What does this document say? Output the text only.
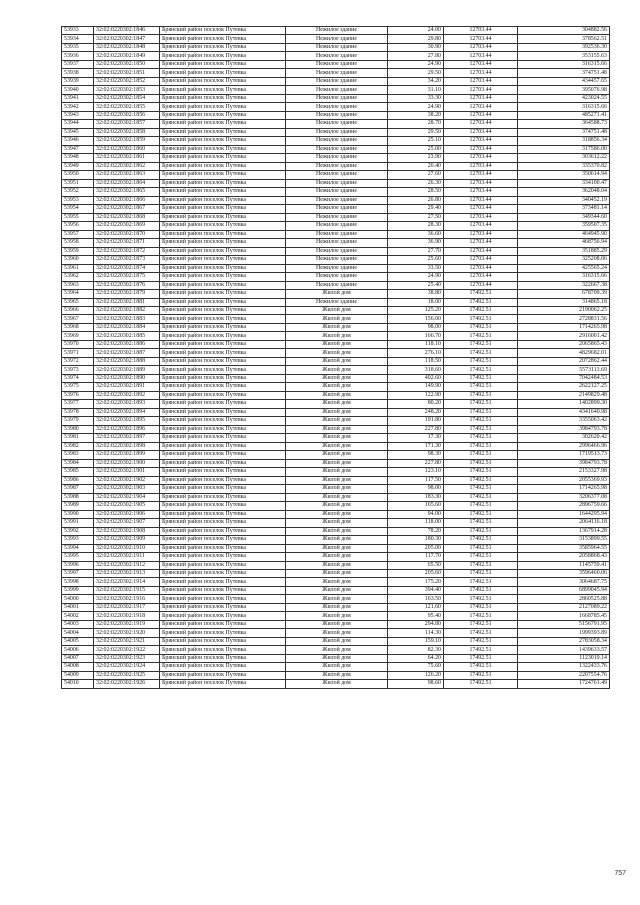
53933	32:02:0220302:1846	Брянский район поселок Путевка	Нежилое здание	24.00	12703.44	304882.56
53934	32:02:0220302:1847	Брянский район поселок Путевка	Нежилое здание	29.80	12703.44	378562.51
53935	32:02:0220302:1848	Брянский район поселок Путевка	Нежилое здание	30.90	12703.44	392536.30
53936	32:02:0220302:1849	Брянский район поселок Путевка	Нежилое здание	27.80	12703.44	353155.63
53937	32:02:0220302:1850	Брянский район поселок Путевка	Нежилое здание	24.90	12703.44	316315.66
53938	32:02:0220302:1851	Брянский район поселок Путевка	Нежилое здание	29.50	12703.44	374751.48
53939	32:02:0220302:1852	Брянский район поселок Путевка	Нежилое здание	34.20	12703.44	434457.65
53940	32:02:0220302:1853	Брянский район поселок Путевка	Нежилое здание	31.10	12703.44	395076.98
53941	32:02:0220302:1854	Брянский район поселок Путевка	Нежилое здание	33.30	12703.44	423024.55
53942	32:02:0220302:1855	Брянский район поселок Путевка	Нежилое здание	24.90	12703.44	316315.66
53943	32:02:0220302:1856	Брянский район поселок Путевка	Нежилое здание	38.20	12703.44	485271.41
53944	32:02:0220302:1857	Брянский район поселок Путевка	Нежилое здание	28.70	12703.44	364588.73
53945	32:02:0220302:1858	Брянский район поселок Путевка	Нежилое здание	29.50	12703.44	374751.48
53946	32:02:0220302:1859	Брянский район поселок Путевка	Нежилое здание	25.10	12703.44	318856.34
53947	32:02:0220302:1860	Брянский район поселок Путевка	Нежилое здание	25.00	12703.44	317586.00
53948	32:02:0220302:1861	Брянский район поселок Путевка	Нежилое здание	23.90	12703.44	303612.22
53949	32:02:0220302:1862	Брянский район поселок Путевка	Нежилое здание	26.40	12703.44	335370.82
53950	32:02:0220302:1863	Брянский район поселок Путевка	Нежилое здание	27.60	12703.44	350614.94
53951	32:02:0220302:1864	Брянский район поселок Путевка	Нежилое здание	26.30	12703.44	334100.47
53952	32:02:0220302:1865	Брянский район поселок Путевка	Нежилое здание	28.50	12703.44	362048.04
53953	32:02:0220302:1866	Брянский район поселок Путевка	Нежилое здание	26.80	12703.44	340452.19
53954	32:02:0220302:1867	Брянский район поселок Путевка	Нежилое здание	29.40	12703.44	373481.14
53955	32:02:0220302:1868	Брянский район поселок Путевка	Нежилое здание	27.50	12703.44	349344.60
53956	32:02:0220302:1869	Брянский район поселок Путевка	Нежилое здание	28.30	12703.44	359507.35
53957	32:02:0220302:1870	Брянский район поселок Путевка	Нежилое здание	36.60	12703.44	464945.90
53958	32:02:0220302:1871	Брянский район поселок Путевка	Нежилое здание	36.90	12703.44	468756.94
53959	32:02:0220302:1872	Брянский район поселок Путевка	Нежилое здание	27.70	12703.44	351885.29
53960	32:02:0220302:1873	Брянский район поселок Путевка	Нежилое здание	25.60	12703.44	325208.06
53961	32:02:0220302:1874	Брянский район поселок Путевка	Нежилое здание	33.50	12703.44	425565.24
53962	32:02:0220302:1875	Брянский район поселок Путевка	Нежилое здание	24.90	12703.44	316315.66
53963	32:02:0220302:1876	Брянский район поселок Путевка	Нежилое здание	25.40	12703.44	322667.38
53964	32:02:0220302:1879	Брянский район поселок Путевка	Жилой дом	38.80	17492.51	678709.39
53965	32:02:0220302:1881	Брянский район поселок Путевка	Нежилое здание	18.00	17492.51	314865.18
53966	32:02:0220302:1882	Брянский район поселок Путевка	Жилой дом	125.20	17492.51	2190062.25
53967	32:02:0220302:1883	Брянский район поселок Путевка	Жилой дом	156.00	17492.51	2728831.56
53968	32:02:0220302:1884	Брянский район поселок Путевка	Жилой дом	98.00	17492.51	1714265.98
53969	32:02:0220302:1885	Брянский район поселок Путевка	Жилой дом	166.70	17492.51	2916001.42
53970	32:02:0220302:1886	Брянский район поселок Путевка	Жилой дом	118.10	17492.51	2065865.43
53971	32:02:0220302:1887	Брянский район поселок Путевка	Жилой дом	276.10	17492.51	4829682.01
53972	32:02:0220302:1888	Брянский район поселок Путевка	Жилой дом	118.50	17492.51	2072862.44
53973	32:02:0220302:1889	Брянский район поселок Путевка	Жилой дом	318.60	17492.51	5573113.69
53974	32:02:0220302:1890	Брянский район поселок Путевка	Жилой дом	402.60	17492.51	7042484.53
53975	32:02:0220302:1891	Брянский район поселок Путевка	Жилой дом	149.90	17492.51	2622127.25
53976	32:02:0220302:1892	Брянский район поселок Путевка	Жилой дом	122.90	17492.51	2149829.48
53977	32:02:0220302:1893	Брянский район поселок Путевка	Жилой дом	80.20	17492.51	1402899.30
53978	32:02:0220302:1894	Брянский район поселок Путевка	Жилой дом	248.20	17492.51	4341640.98
53979	32:02:0220302:1895	Брянский район поселок Путевка	Жилой дом	191.80	17492.51	3355063.42
53980	32:02:0220302:1896	Брянский район поселок Путевка	Жилой дом	227.80	17492.51	3984793.78
53981	32:02:0220302:1897	Брянский район поселок Путевка	Жилой дом	17.30	17492.51	302620.42
53982	32:02:0220302:1898	Брянский район поселок Путевка	Жилой дом	171.30	17492.51	2996466.96
53983	32:02:0220302:1899	Брянский район поселок Путевка	Жилой дом	98.30	17492.51	1719513.73
53984	32:02:0220302:1900	Брянский район поселок Путевка	Жилой дом	227.80	17492.51	3984793.78
53985	32:02:0220302:1901	Брянский район поселок Путевка	Жилой дом	123.10	17492.51	2153327.98
53986	32:02:0220302:1902	Брянский район поселок Путевка	Жилой дом	117.50	17492.51	2055369.93
53987	32:02:0220302:1903	Брянский район поселок Путевка	Жилой дом	98.00	17492.51	1714265.98
53988	32:02:0220302:1904	Брянский район поселок Путевка	Жилой дом	183.30	17492.51	3206377.08
53989	32:02:0220302:1905	Брянский район поселок Путевка	Жилой дом	165.60	17492.51	2896759.66
53990	32:02:0220302:1906	Брянский район поселок Путевка	Жилой дом	94.00	17492.51	1644295.94
53991	32:02:0220302:1907	Брянский район поселок Путевка	Жилой дом	118.00	17492.51	2064116.18
53992	32:02:0220302:1908	Брянский район поселок Путевка	Жилой дом	78.20	17492.51	1367914.28
53993	32:02:0220302:1909	Брянский район поселок Путевка	Жилой дом	180.30	17492.51	3153899.55
53994	32:02:0220302:1910	Брянский район поселок Путевка	Жилой дом	205.00	17492.51	3585964.55
53995	32:02:0220302:1911	Брянский район поселок Путевка	Жилой дом	117.70	17492.51	2058868.43
53996	32:02:0220302:1912	Брянский район поселок Путевка	Жилой дом	65.50	17492.51	1145759.41
53997	32:02:0220302:1913	Брянский район поселок Путевка	Жилой дом	205.60	17492.51	3596460.06
53998	32:02:0220302:1914	Брянский район поселок Путевка	Жилой дом	175.20	17492.51	3064687.75
53999	32:02:0220302:1915	Брянский район поселок Путевка	Жилой дом	394.40	17492.51	6899045.94
54000	32:02:0220302:1916	Брянский район поселок Путевка	Жилой дом	163.50	17492.51	2860525.88
54001	32:02:0220302:1917	Брянский район поселок Путевка	Жилой дом	121.60	17492.51	2127089.22
54002	32:02:0220302:1918	Брянский район поселок Путевка	Жилой дом	95.40	17492.51	1668785.45
54003	32:02:0220302:1919	Брянский район поселок Путевка	Жилой дом	294.80	17492.51	5156791.95
54004	32:02:0220302:1920	Брянский район поселок Путевка	Жилой дом	114.30	17492.51	1999393.89
54005	32:02:0220302:1921	Брянский район поселок Путевка	Жилой дом	159.10	17492.51	2783058.34
54006	32:02:0220302:1922	Брянский район поселок Путевка	Жилой дом	82.30	17492.51	1439633.57
54007	32:02:0220302:1923	Брянский район поселок Путевка	Жилой дом	64.20	17492.51	1123019.14
54008	32:02:0220302:1924	Брянский район поселок Путевка	Жилой дом	75.60	17492.51	1322433.76
54009	32:02:0220302:1925	Брянский район поселок Путевка	Жилой дом	126.20	17492.51	2207554.76
54010	32:02:0220302:1926	Брянский район поселок Путевка	Жилой дом	98.60	17492.51	1724761.49
757
